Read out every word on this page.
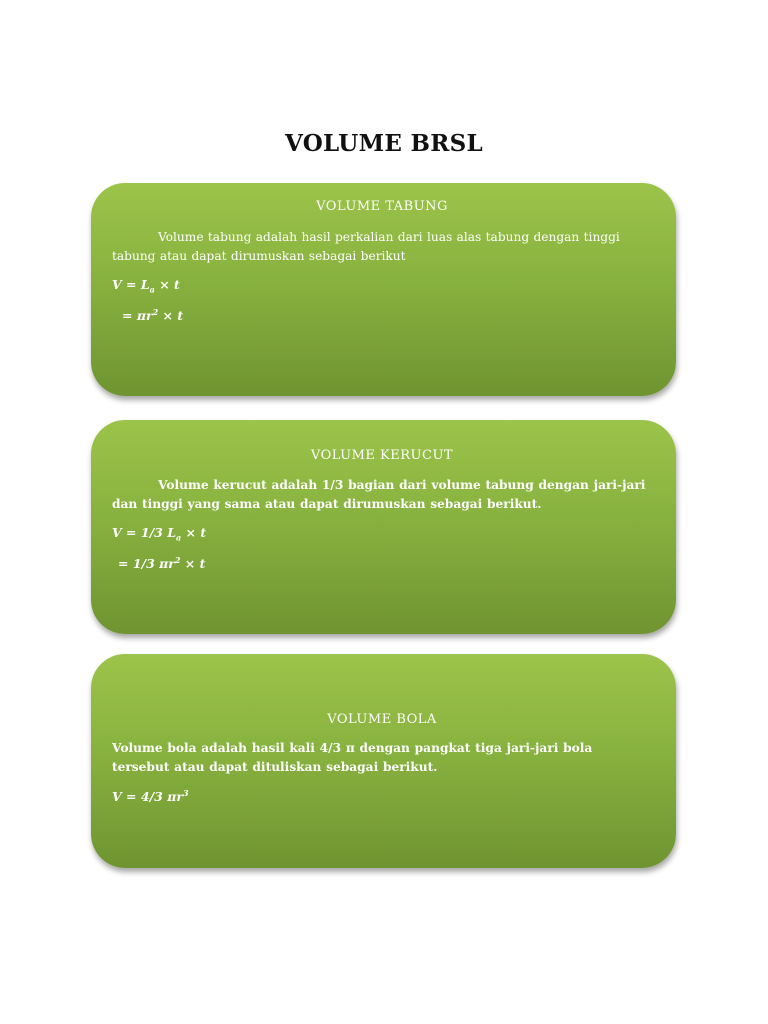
VOLUME BRSL

VOLUME TABUNG

Volume tabung adalah hasil perkalian dari luas alas tabung dengan tinggi tabung atau dapat dirumuskan sebagai berikut

$V = L_a \times t$

= $\pi r^2 \times t$

VOLUME KERUCUT

Volume kerucut adalah 1/3 bagian dari volume tabung dengan jari-jari dan tinggi yang sama atau dapat dirumuskan sebagai berikut.

V = 1/3 $L_a \times t$

= 1/3 $\pi r^2 \times t$

VOLUME BOLA

Volume bola adalah hasil kali 4/3 π dengan pangkat tiga jari-jari bola tersebut atau dapat dituliskan sebagai berikut.

V = 4/3 $\pi r^3$
